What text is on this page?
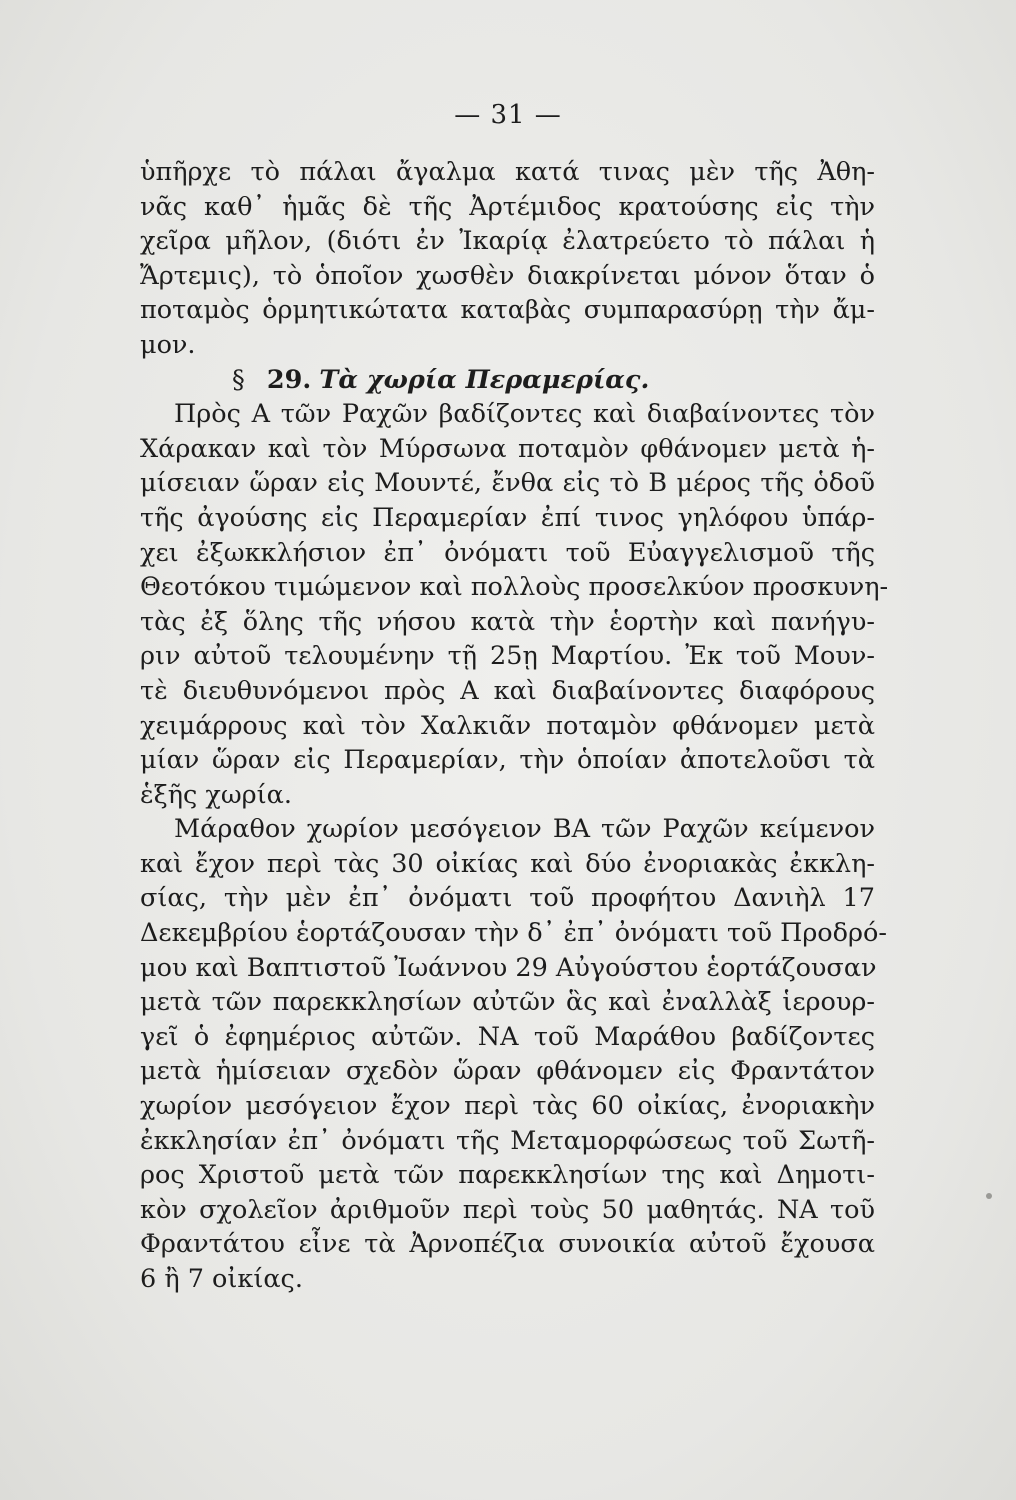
— 31 —
ὑπῆρχε τὸ πάλαι ἄγαλμα κατά τινας μὲν τῆς Ἀθη-
νᾶς καθ᾽ ἡμᾶς δὲ τῆς Ἀρτέμιδος κρατούσης εἰς τὴν
χεῖρα μῆλον, (διότι ἐν Ἰκαρίᾳ ἐλατρεύετο τὸ πάλαι ἡ
Ἄρτεμις), τὸ ὁποῖον χωσθὲν διακρίνεται μόνον ὅταν ὁ
ποταμὸς ὁρμητικώτατα καταβὰς συμπαρασύρῃ τὴν ἄμ-
μον.
§ 29. Τὰ χωρία Περαμερίας.
Πρὸς Α τῶν Ραχῶν βαδίζοντες καὶ διαβαίνοντες τὸν
Χάρακαν καὶ τὸν Μύρσωνα ποταμὸν φθάνομεν μετὰ ἡ-
μίσειαν ὥραν εἰς Μουντέ, ἔνθα εἰς τὸ Β μέρος τῆς ὁδοῦ
τῆς ἀγούσης εἰς Περαμερίαν ἐπί τινος γηλόφου ὑπάρ-
χει ἐξωκκλήσιον ἐπ᾽ ὀνόματι τοῦ Εὐαγγελισμοῦ τῆς
Θεοτόκου τιμώμενον καὶ πολλοὺς προσελκύον προσκυνη-
τὰς ἐξ ὅλης τῆς νήσου κατὰ τὴν ἑορτὴν καὶ πανήγυ-
ριν αὐτοῦ τελουμένην τῇ 25ῃ Μαρτίου. Ἐκ τοῦ Μουν-
τὲ διευθυνόμενοι πρὸς Α καὶ διαβαίνοντες διαφόρους
χειμάρρους καὶ τὸν Χαλκιᾶν ποταμὸν φθάνομεν μετὰ
μίαν ὥραν εἰς Περαμερίαν, τὴν ὁποίαν ἀποτελοῦσι τὰ
ἑξῆς χωρία.
Μάραθον χωρίον μεσόγειον ΒΑ τῶν Ραχῶν κείμενον
καὶ ἔχον περὶ τὰς 30 οἰκίας καὶ δύο ἐνοριακὰς ἐκκλη-
σίας, τὴν μὲν ἐπ᾽ ὀνόματι τοῦ προφήτου Δανιὴλ 17
Δεκεμβρίου ἑορτάζουσαν τὴν δ᾽ ἐπ᾽ ὀνόματι τοῦ Προδρό-
μου καὶ Βαπτιστοῦ Ἰωάννου 29 Αὐγούστου ἑορτάζουσαν
μετὰ τῶν παρεκκλησίων αὐτῶν ἃς καὶ ἐναλλὰξ ἱερουρ-
γεῖ ὁ ἐφημέριος αὐτῶν. ΝΑ τοῦ Μαράθου βαδίζοντες
μετὰ ἡμίσειαν σχεδὸν ὥραν φθάνομεν εἰς Φραντάτον
χωρίον μεσόγειον ἔχον περὶ τὰς 60 οἰκίας, ἐνοριακὴν
ἐκκλησίαν ἐπ᾽ ὀνόματι τῆς Μεταμορφώσεως τοῦ Σωτῆ-
ρος Χριστοῦ μετὰ τῶν παρεκκλησίων της καὶ Δημοτι-
κὸν σχολεῖον ἀριθμοῦν περὶ τοὺς 50 μαθητάς. ΝΑ τοῦ
Φραντάτου εἶνε τὰ Ἀρνοπέζια συνοικία αὐτοῦ ἔχουσα
6 ἢ 7 οἰκίας.
